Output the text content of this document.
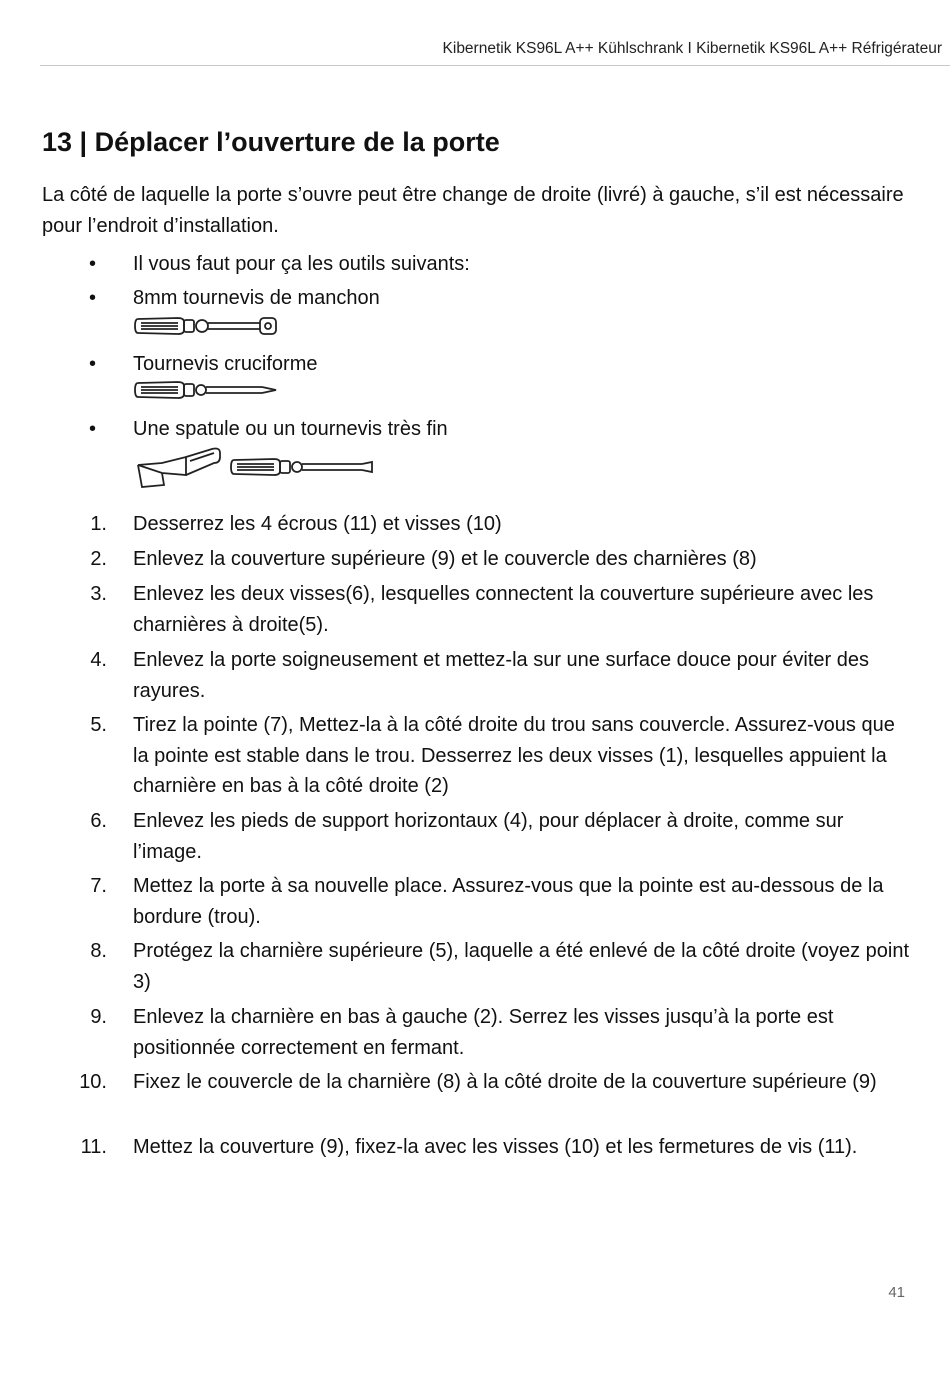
Kibernetik KS96L A++ Kühlschrank I Kibernetik KS96L A++ Réfrigérateur
13 | Déplacer l’ouverture de la porte
La côté de laquelle la porte s’ouvre peut être change de droite (livré) à gauche, s’il est nécessaire pour l’endroit d’installation.
• Il vous faut pour ça les outils suivants:
• 8mm tournevis de manchon
• Tournevis cruciforme
• Une spatule ou un tournevis très fin
1. Desserrez les 4 écrous (11) et visses (10)
2. Enlevez la couverture supérieure (9) et le couvercle des charnières (8)
3. Enlevez les deux visses(6), lesquelles connectent la couverture supérieure avec les charnières à droite(5).
4. Enlevez la porte soigneusement et mettez-la sur une surface douce pour éviter des rayures.
5. Tirez la pointe (7), Mettez-la à la côté droite du trou sans couvercle. Assurez-vous que la pointe est stable dans le trou. Desserrez les deux visses (1), lesquelles appuient la charnière en bas à la côté droite (2)
6. Enlevez les pieds de support horizontaux (4), pour déplacer à droite, comme sur l’image.
7. Mettez la porte à sa nouvelle place. Assurez-vous que la pointe est au-dessous de la bordure (trou).
8. Protégez la charnière supérieure (5), laquelle a été enlevé de la côté droite (voyez point 3)
9. Enlevez la charnière en bas à gauche (2). Serrez les visses jusqu’à la porte est positionnée correctement en fermant.
10. Fixez le couvercle de la charnière (8) à la côté droite de la couverture supérieure (9)
11. Mettez la couverture (9), fixez-la avec les visses (10) et les fermetures de vis (11).
41
